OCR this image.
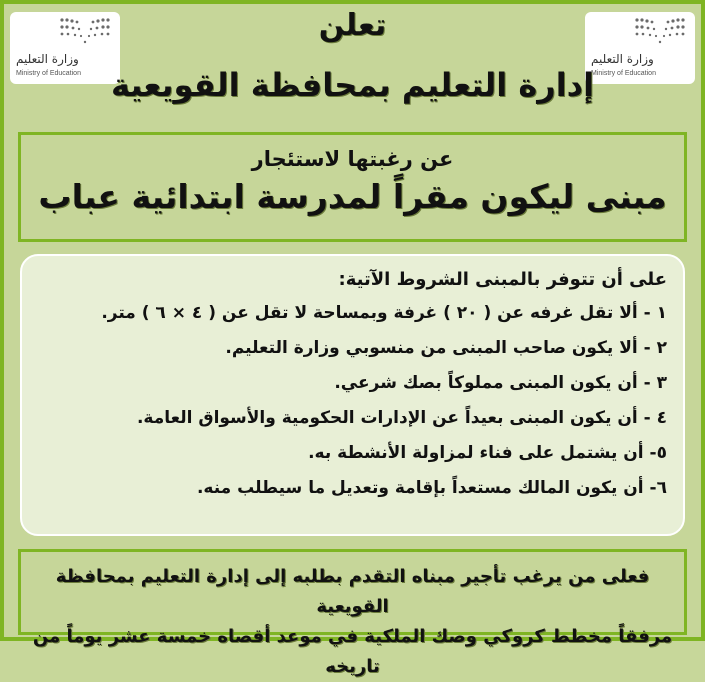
وزارة التعليم
Ministry of Education
وزارة التعليم
Ministry of Education
تعلن
إدارة التعليم بمحافظة القويعية
عن رغبتها لاستئجار
مبنى ليكون مقراً لمدرسة ابتدائية عباب
على أن تتوفر بالمبنى الشروط الآتية:
١ - ألا تقل غرفه عن ( ٢٠ ) غرفة وبمساحة لا تقل عن ( ٤ × ٦ ) متر.
٢ - ألا يكون صاحب المبنى من منسوبي وزارة التعليم.
٣ - أن يكون المبنى مملوكاً بصك شرعي.
٤ - أن يكون المبنى بعيداً عن الإدارات الحكومية والأسواق العامة.
٥- أن يشتمل على فناء لمزاولة الأنشطة به.
٦- أن يكون المالك مستعداً بإقامة وتعديل ما سيطلب منه.
فعلى من يرغب تأجير مبناه التقدم بطلبه إلى إدارة التعليم بمحافظة القويعية
مرفقاً مخطط كروكي وصك الملكية في موعد أقصاه خمسة عشر يوماً من تاريخه
